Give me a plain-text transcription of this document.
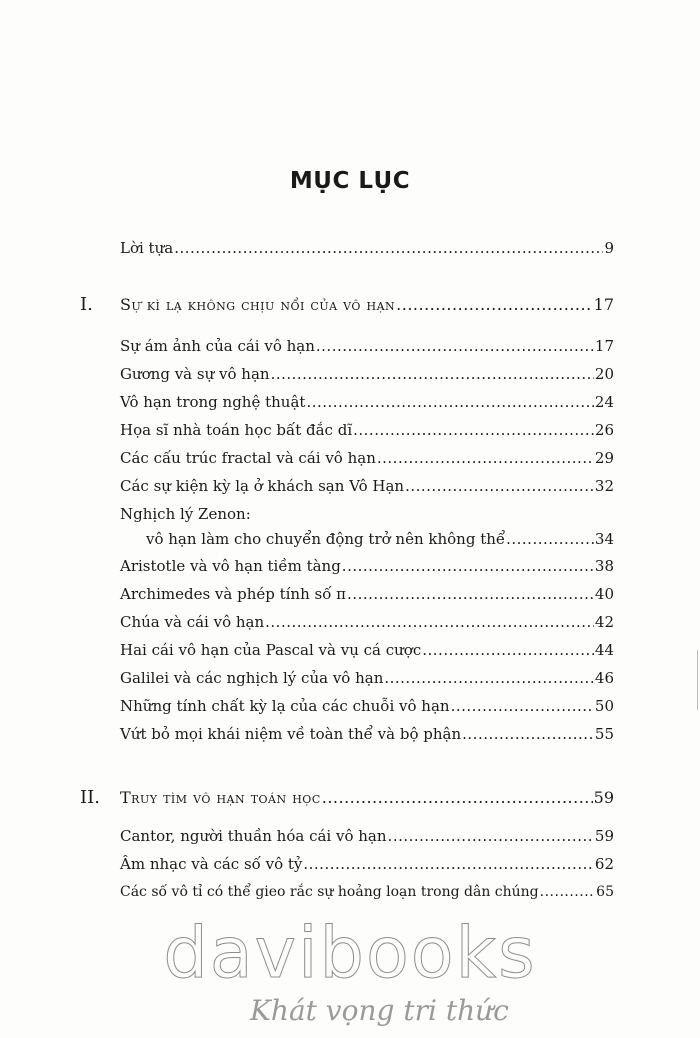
MỤC LỤC
Lời tựa .....	9
I. Sự kì lạ không chịu nổi của vô hạn .....	17
Sự ám ảnh của cái vô hạn .....	17
Gương và sự vô hạn .....	20
Vô hạn trong nghệ thuật .....	24
Họa sĩ nhà toán học bất đắc dĩ .....	26
Các cấu trúc fractal và cái vô hạn .....	29
Các sự kiện kỳ lạ ở khách sạn Vô Hạn .....	32
Nghịch lý Zenon:
vô hạn làm cho chuyển động trở nên không thể .....	34
Aristotle và vô hạn tiềm tàng .....	38
Archimedes và phép tính số π .....	40
Chúa và cái vô hạn .....	42
Hai cái vô hạn của Pascal và vụ cá cược .....	44
Galilei và các nghịch lý của vô hạn .....	46
Những tính chất kỳ lạ của các chuỗi vô hạn .....	50
Vứt bỏ mọi khái niệm về toàn thể và bộ phận .....	55
II. Truy tìm vô hạn toán học .....	59
Cantor, người thuần hóa cái vô hạn .....	59
Âm nhạc và các số vô tỷ .....	62
Các số vô tỉ có thể gieo rắc sự hoảng loạn trong dân chúng .....	65
davibooks
Khát vọng tri thức
